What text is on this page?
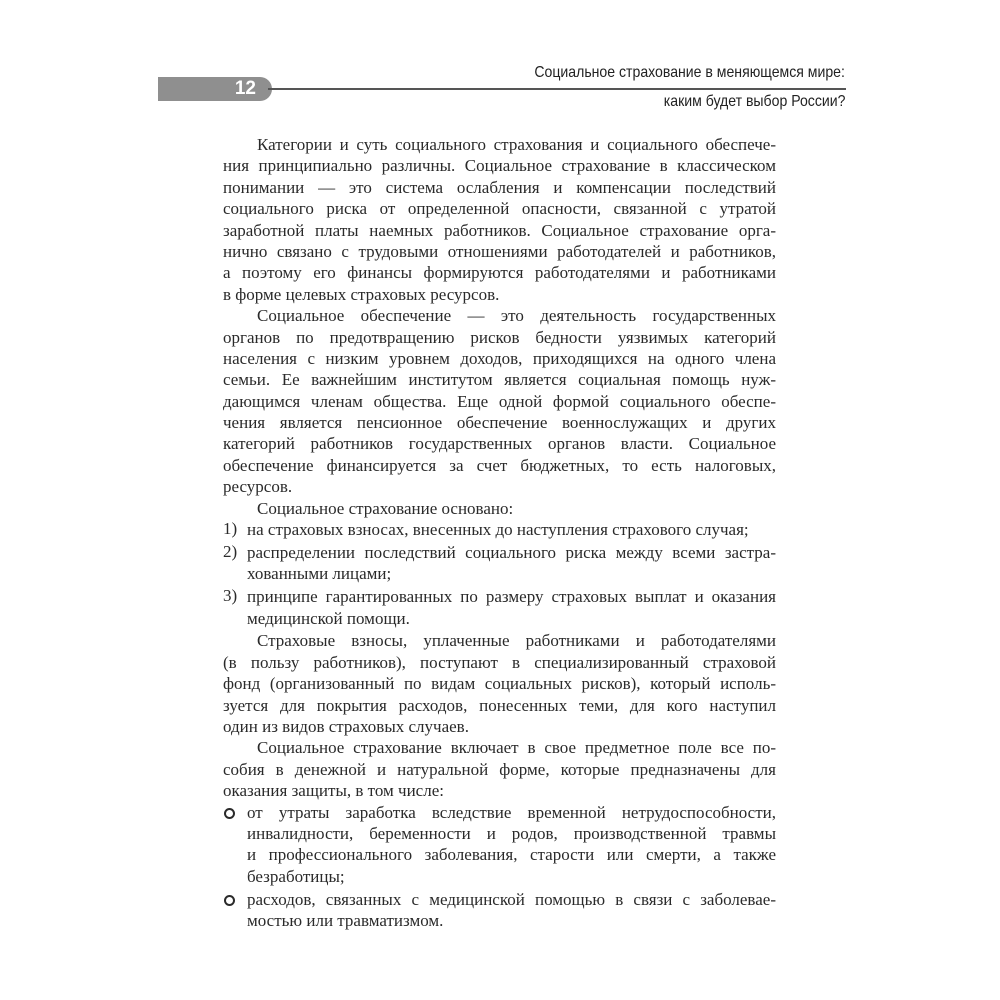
12
Социальное страхование в меняющемся мире:
каким будет выбор России?
Категории и суть социального страхования и социального обеспече-
ния принципиально различны. Социальное страхование в классическом
понимании — это система ослабления и компенсации последствий
социального риска от определенной опасности, связанной с утратой
заработной платы наемных работников. Социальное страхование орга-
нично связано с трудовыми отношениями работодателей и работников,
а поэтому его финансы формируются работодателями и работниками
в форме целевых страховых ресурсов.
Социальное обеспечение — это деятельность государственных
органов по предотвращению рисков бедности уязвимых категорий
населения с низким уровнем доходов, приходящихся на одного члена
семьи. Ее важнейшим институтом является социальная помощь нуж-
дающимся членам общества. Еще одной формой социального обеспе-
чения является пенсионное обеспечение военнослужащих и других
категорий работников государственных органов власти. Социальное
обеспечение финансируется за счет бюджетных, то есть налоговых,
ресурсов.
Социальное страхование основано:
1) на страховых взносах, внесенных до наступления страхового случая;
2) распределении последствий социального риска между всеми застра-
хованными лицами;
3) принципе гарантированных по размеру страховых выплат и оказания
медицинской помощи.
Страховые взносы, уплаченные работниками и работодателями
(в пользу работников), поступают в специализированный страховой
фонд (организованный по видам социальных рисков), который исполь-
зуется для покрытия расходов, понесенных теми, для кого наступил
один из видов страховых случаев.
Социальное страхование включает в свое предметное поле все по-
собия в денежной и натуральной форме, которые предназначены для
оказания защиты, в том числе:
от утраты заработка вследствие временной нетрудоспособности,
инвалидности, беременности и родов, производственной травмы
и профессионального заболевания, старости или смерти, а также
безработицы;
расходов, связанных с медицинской помощью в связи с заболевае-
мостью или травматизмом.
